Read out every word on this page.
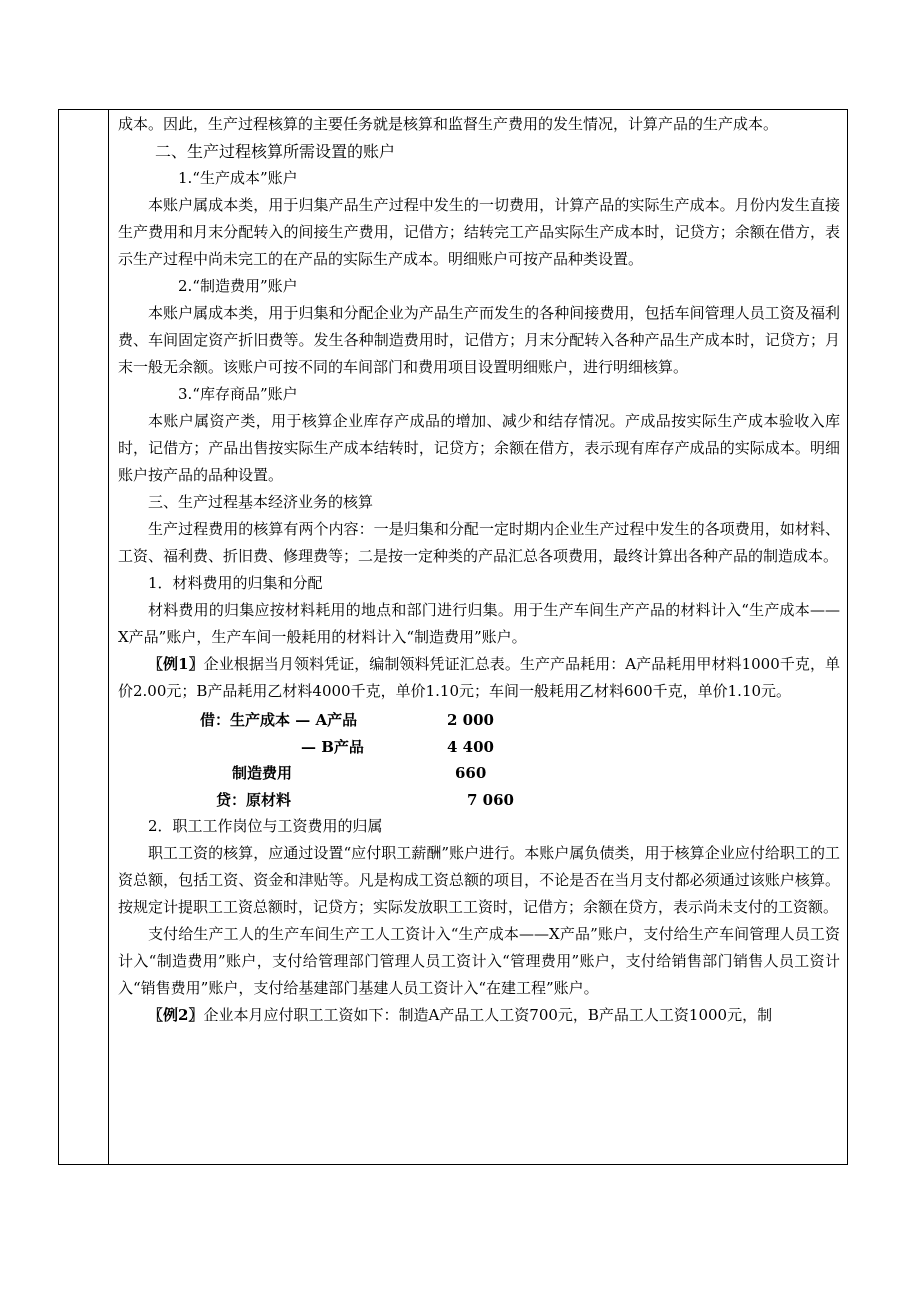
成本。因此，生产过程核算的主要任务就是核算和监督生产费用的发生情况，计算产品的生产成本。

二、生产过程核算所需设置的账户

1.“生产成本”账户

本账户属成本类，用于归集产品生产过程中发生的一切费用，计算产品的实际生产成本。月份内发生直接生产费用和月末分配转入的间接生产费用，记借方；结转完工产品实际生产成本时，记贷方；余额在借方，表示生产过程中尚未完工的在产品的实际生产成本。明细账户可按产品种类设置。

2.“制造费用”账户

本账户属成本类，用于归集和分配企业为产品生产而发生的各种间接费用，包括车间管理人员工资及福利费、车间固定资产折旧费等。发生各种制造费用时，记借方；月末分配转入各种产品生产成本时，记贷方；月末一般无余额。该账户可按不同的车间部门和费用项目设置明细账户，进行明细核算。

3.“库存商品”账户

本账户属资产类，用于核算企业库存产成品的增加、减少和结存情况。产成品按实际生产成本验收入库时，记借方；产品出售按实际生产成本结转时，记贷方；余额在借方，表示现有库存产成品的实际成本。明细账户按产品的品种设置。

三、生产过程基本经济业务的核算

生产过程费用的核算有两个内容：一是归集和分配一定时期内企业生产过程中发生的各项费用，如材料、工资、福利费、折旧费、修理费等；二是按一定种类的产品汇总各项费用，最终计算出各种产品的制造成本。

1．材料费用的归集和分配

材料费用的归集应按材料耗用的地点和部门进行归集。用于生产车间生产产品的材料计入“生产成本——X产品”账户，生产车间一般耗用的材料计入“制造费用”账户。

〖例1〗企业根据当月领料凭证，编制领料凭证汇总表。生产产品耗用：A产品耗用甲材料1000千克，单价2.00元；B产品耗用乙材料4000千克，单价1.10元；车间一般耗用乙材料600千克，单价1.10元。

借：生产成本 — A产品	2 000
— B产品	4 400
制造费用	660
贷：原材料	7 060

2．职工工作岗位与工资费用的归属

职工工资的核算，应通过设置“应付职工薪酬”账户进行。本账户属负债类，用于核算企业应付给职工的工资总额，包括工资、资金和津贴等。凡是构成工资总额的项目，不论是否在当月支付都必须通过该账户核算。按规定计提职工工资总额时，记贷方；实际发放职工工资时，记借方；余额在贷方，表示尚未支付的工资额。

支付给生产工人的生产车间生产工人工资计入“生产成本——X产品”账户，支付给生产车间管理人员工资计入“制造费用”账户，支付给管理部门管理人员工资计入“管理费用”账户，支付给销售部门销售人员工资计入“销售费用”账户，支付给基建部门基建人员工资计入“在建工程”账户。

〖例2〗企业本月应付职工工资如下：制造A产品工人工资700元，B产品工人工资1000元，制
